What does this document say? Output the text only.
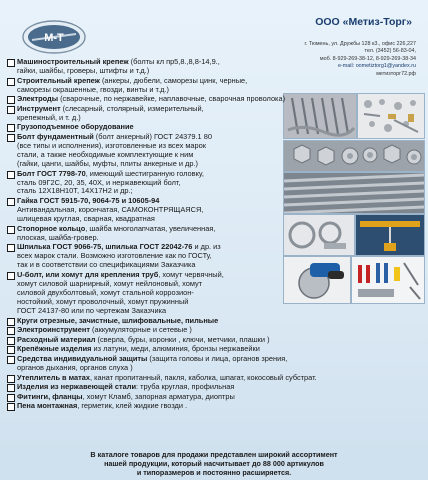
М-Т
ООО «Метиз-Торг»
г. Тюмень, ул. Дружбы 128 к3., офис 226,227
тел. (3452) 56-83-04,
моб. 8-929-269-38-12, 8-929-269-38-34
e-mail: oometiztorg1@yandex.ru
метизторг72.рф
Машиностроительный крепеж (болты кл пр5,8.,8,8-14,9.,
гайки, шайбы, гроверы, штифты и т.д.)
Строительный крепеж (анкеры, дюбели, саморезы цинк, черные,
саморезы окрашенные, гвозди, винты и т.д.)
Электроды (сварочные, по нержавейке, наплавочные, сварочная проволока)
Инструмент (слесарный, столярный, измерительный,
крепежный, и т. д.)
Грузоподъемное оборудование
Болт фундаментный (болт анкерный) ГОСТ 24379.1 80
(все типы и исполнения), изготовленные из всех марок
стали, а также необходимые комплектующие к ним
(гайки, цанги, шайбы, муфты, плиты анкерные и др.)
Болт ГОСТ 7798-70, имеющий шестигранную головку,
сталь 09Г2С, 20, 35, 40Х, и нержавеющий болт,
сталь 12Х18Н10Т, 14Х17Н2 и др.;
Гайка ГОСТ 5915-70, 9064-75 и 10605-94
Антивандальная, корончатая, САМОКОНТРЯЩАЯСЯ,
шлицевая круглая, сварная, квадратная
Стопорное кольцо, шайба многолапчатая, увеличенная,
плоская, шайба-гровер.
Шпилька ГОСТ 9066-75, шпилька ГОСТ 22042-76 и др. из
всех марок стали. Возможно изготовление как по ГОСТу,
так и в соответствии со спецификациями Заказчика
U-болт, или хомут для крепления труб, хомут червячный,
хомут силовой шарнирный, хомут нейлоновый, хомут
силовой двухболтовый, хомут стальной коррозион-
ностойкий, хомут проволочный, хомут пружинный
ГОСТ 24137-80 или по чертежам Заказчика
Круги отрезные, зачистные, шлифовальные, пильные
Электроинструмент (аккумуляторные и сетевые )
Расходный материал (сверла, буры, коронки , ключи, метчики, плашки )
Крепёжные изделия из латуни, меди, алюминия, бронзы нержавейки
Средства индивидуальной защиты (защита головы и лица, органов зрения,
органов дыхания, органов слуха )
Утеплитель в матах, канат пропитанный, пакля, каболка, шпагат, кокосовый субстрат.
Изделия из нержавеющей стали: труба круглая, профильная
Фитинги, фланцы, хомут Кламб, запорная арматура, диоптры
Пена монтажная, герметик, клей жидкие гвозди .
В каталоге товаров для продажи представлен широкий ассортимент
нашей продукции, который насчитывает до 88 000 артикулов
и типоразмеров и постоянно расширяется.
